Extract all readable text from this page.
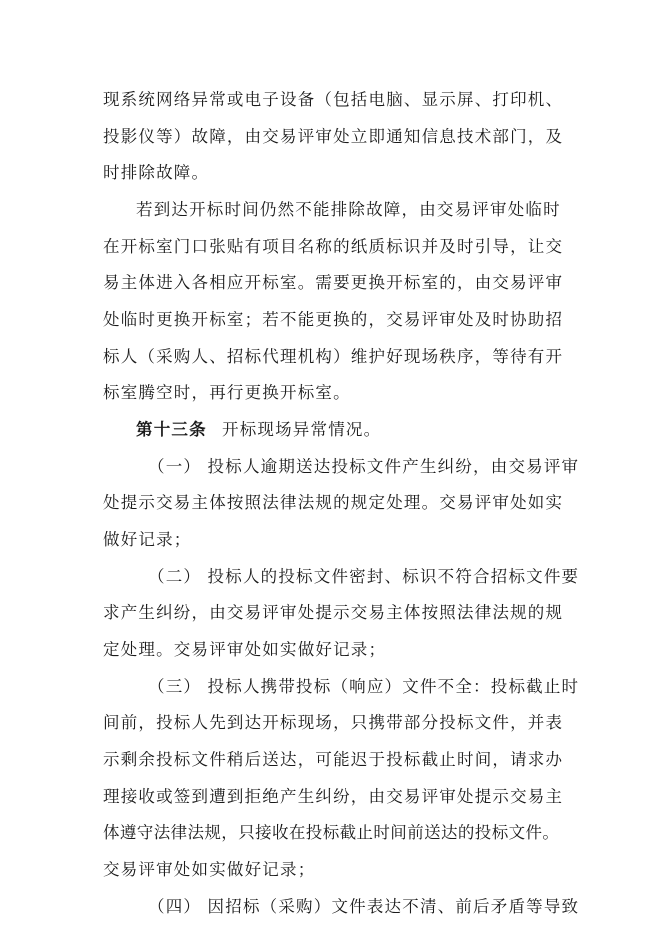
现系统网络异常或电子设备（包括电脑、显示屏、打印机、
投影仪等）故障，由交易评审处立即通知信息技术部门，及
时排除故障。
若到达开标时间仍然不能排除故障，由交易评审处临时
在开标室门口张贴有项目名称的纸质标识并及时引导，让交
易主体进入各相应开标室。需要更换开标室的，由交易评审
处临时更换开标室；若不能更换的，交易评审处及时协助招
标人（采购人、招标代理机构）维护好现场秩序，等待有开
标室腾空时，再行更换开标室。
第十三条 开标现场异常情况。
（一） 投标人逾期送达投标文件产生纠纷，由交易评审
处提示交易主体按照法律法规的规定处理。交易评审处如实
做好记录；
（二） 投标人的投标文件密封、标识不符合招标文件要
求产生纠纷，由交易评审处提示交易主体按照法律法规的规
定处理。交易评审处如实做好记录；
（三） 投标人携带投标（响应）文件不全：投标截止时
间前，投标人先到达开标现场，只携带部分投标文件，并表
示剩余投标文件稍后送达，可能迟于投标截止时间，请求办
理接收或签到遭到拒绝产生纠纷，由交易评审处提示交易主
体遵守法律法规，只接收在投标截止时间前送达的投标文件。
交易评审处如实做好记录；
（四） 因招标（采购）文件表达不清、前后矛盾等导致
